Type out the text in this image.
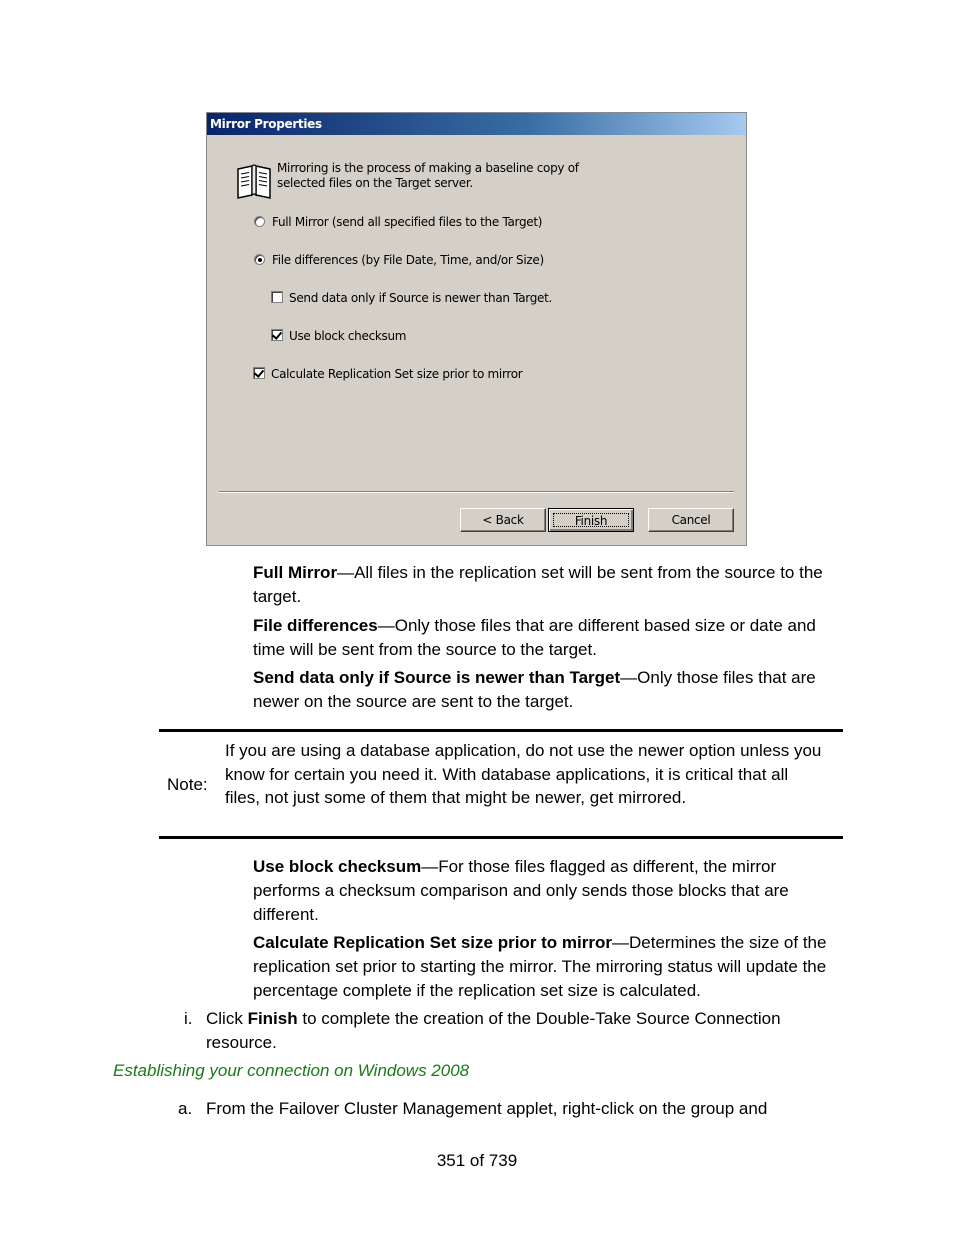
Mirror Properties
Mirroring is the process of making a baseline copy of selected files on the Target server.
Full Mirror (send all specified files to the Target)
File differences (by File Date, Time, and/or Size)
Send data only if Source is newer than Target.
Use block checksum
Calculate Replication Set size prior to mirror
< Back	Finish	Cancel
Full Mirror—All files in the replication set will be sent from the source to the target.
File differences—Only those files that are different based size or date and time will be sent from the source to the target.
Send data only if Source is newer than Target—Only those files that are newer on the source are sent to the target.
Note:
If you are using a database application, do not use the newer option unless you know for certain you need it. With database applications, it is critical that all files, not just some of them that might be newer, get mirrored.
Use block checksum—For those files flagged as different, the mirror performs a checksum comparison and only sends those blocks that are different.
Calculate Replication Set size prior to mirror—Determines the size of the replication set prior to starting the mirror. The mirroring status will update the percentage complete if the replication set size is calculated.
i. Click Finish to complete the creation of the Double-Take Source Connection resource.
Establishing your connection on Windows 2008
a. From the Failover Cluster Management applet, right-click on the group and
351 of 739
